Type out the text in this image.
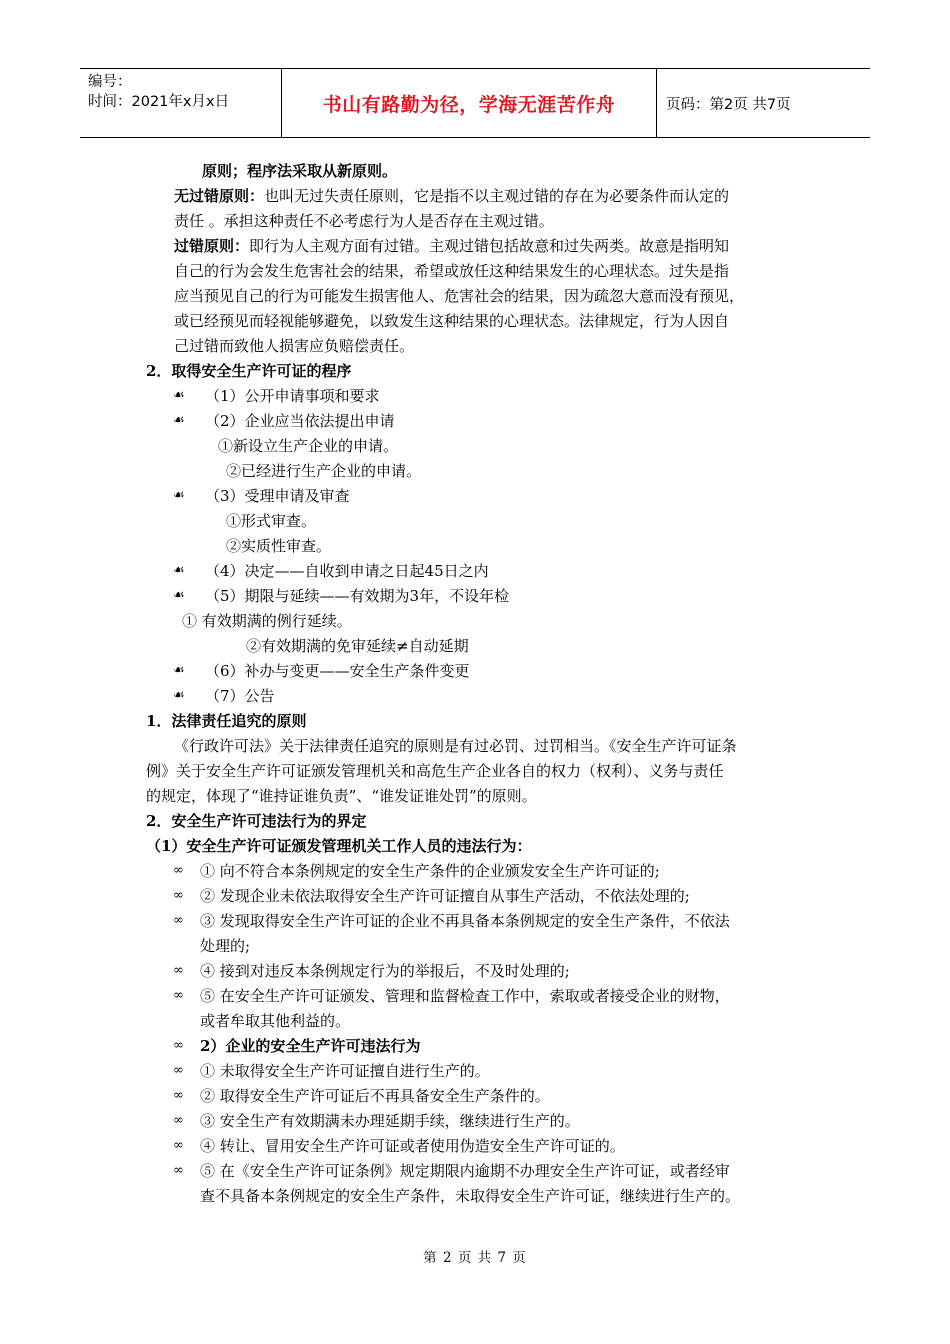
编号：
时间：2021年x月x日	书山有路勤为径，学海无涯苦作舟	页码：第2页 共7页
原则；程序法采取从新原则。
无过错原则：也叫无过失责任原则，它是指不以主观过错的存在为必要条件而认定的
责任 。承担这种责任不必考虑行为人是否存在主观过错。
过错原则：即行为人主观方面有过错。主观过错包括故意和过失两类。故意是指明知
自己的行为会发生危害社会的结果，希望或放任这种结果发生的心理状态。过失是指
应当预见自己的行为可能发生损害他人、危害社会的结果，因为疏忽大意而没有预见，
或已经预见而轻视能够避免，以致发生这种结果的心理状态。法律规定，行为人因自
己过错而致他人损害应负赔偿责任。
2．取得安全生产许可证的程序
☙ （1）公开申请事项和要求
☙ （2）企业应当依法提出申请
①新设立生产企业的申请。
②已经进行生产企业的申请。
☙ （3）受理申请及审查
①形式审查。
②实质性审查。
☙ （4）决定——自收到申请之日起45日之内
☙ （5）期限与延续——有效期为3年，不设年检
① 有效期满的例行延续。
②有效期满的免审延续≠自动延期
☙ （6）补办与变更——安全生产条件变更
☙ （7）公告
1．法律责任追究的原则
《行政许可法》关于法律责任追究的原则是有过必罚、过罚相当。《安全生产许可证条
例》关于安全生产许可证颁发管理机关和高危生产企业各自的权力（权利）、义务与责任
的规定，体现了“谁持证谁负责”、“谁发证谁处罚”的原则。
2．安全生产许可违法行为的界定
（1）安全生产许可证颁发管理机关工作人员的违法行为：
∞ ① 向不符合本条例规定的安全生产条件的企业颁发安全生产许可证的;
∞ ② 发现企业未依法取得安全生产许可证擅自从事生产活动，不依法处理的;
∞ ③ 发现取得安全生产许可证的企业不再具备本条例规定的安全生产条件，不依法
处理的;
∞ ④ 接到对违反本条例规定行为的举报后，不及时处理的;
∞ ⑤ 在安全生产许可证颁发、管理和监督检查工作中，索取或者接受企业的财物，
或者牟取其他利益的。
∞ 2）企业的安全生产许可违法行为
∞ ① 未取得安全生产许可证擅自进行生产的。
∞ ② 取得安全生产许可证后不再具备安全生产条件的。
∞ ③ 安全生产有效期满未办理延期手续，继续进行生产的。
∞ ④ 转让、冒用安全生产许可证或者使用伪造安全生产许可证的。
∞ ⑤ 在《安全生产许可证条例》规定期限内逾期不办理安全生产许可证，或者经审
查不具备本条例规定的安全生产条件，未取得安全生产许可证，继续进行生产的。
第 2 页 共 7 页
